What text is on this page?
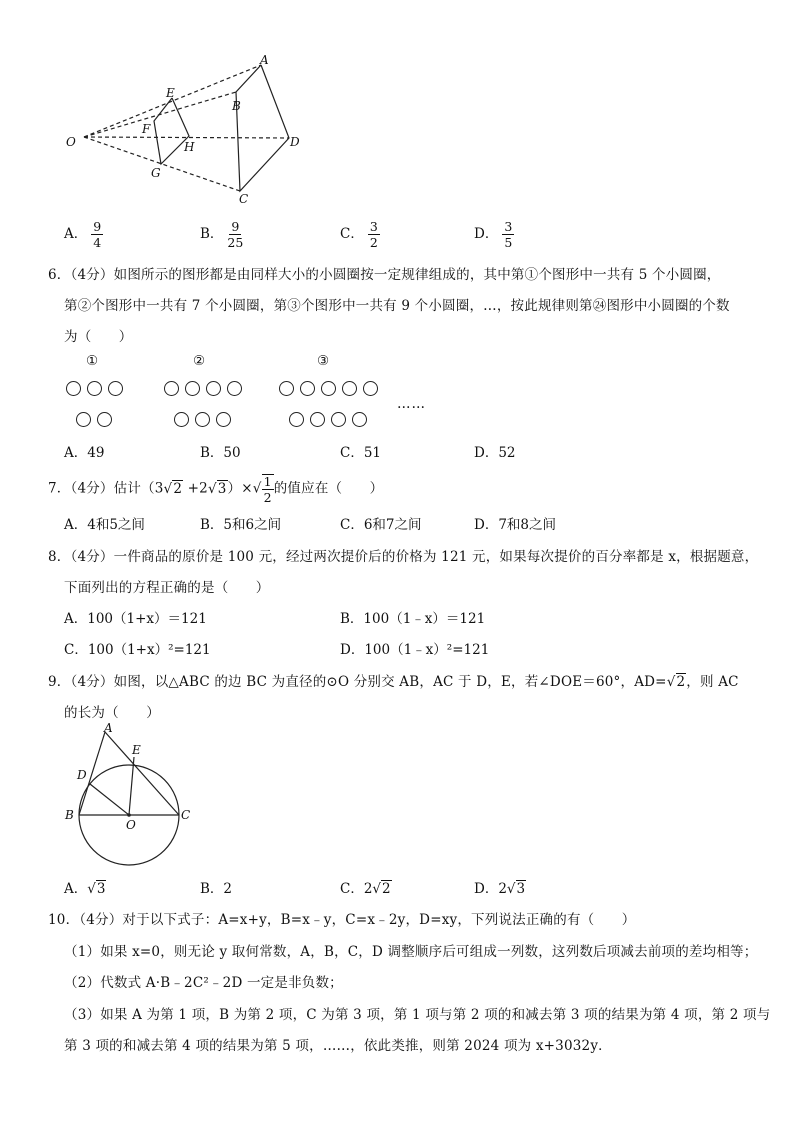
A
B
C
D
E
F
G
H
O
A． $\frac{9}{4}$	B． $\frac{9}{25}$	C． $\frac{3}{2}$	D． $\frac{3}{5}$
6．（4分）如图所示的图形都是由同样大小的小圆圈按一定规律组成的，其中第①个图形中一共有 5 个小圆圈，
第②个图形中一共有 7 个小圆圈，第③个图形中一共有 9 个小圆圈，…，按此规律则第㉔图形中小圆圈的个数
为（　　）
①	②	③
……
A．49	B．50	C．51	D．52
7．（4分）估计$(3√2 +2√3)\times√ \frac{1}{2}$ 的值应在（　　）
A．4和5之间	B．5和6之间	C．6和7之间	D．7和8之间
8．（4分）一件商品的原价是 100 元，经过两次提价后的价格为 121 元，如果每次提价的百分率都是 x，根据题意，
下面列出的方程正确的是（　　）
A．100（1+x）＝121	B．100（1﹣x）＝121
C．100（1+x）²=121	D．100（1﹣x）²=121
9．（4分）如图，以△ABC 的边 BC 为直径的⊙O 分别交 AB，AC 于 D，E，若∠DOE＝60°，AD=√2，则 AC
的长为（　　）
A
E
D
B
O
C
A．√3	B．2	C．2√2	D．2√3
10．（4分）对于以下式子：A=x+y，B=x﹣y，C=x﹣2y，D=xy，下列说法正确的有（　　）
（1）如果 x=0，则无论 y 取何常数，A，B，C，D 调整顺序后可组成一列数，这列数后项减去前项的差均相等；
（2）代数式 A·B﹣2C²﹣2D 一定是非负数；
（3）如果 A 为第 1 项，B 为第 2 项，C 为第 3 项，第 1 项与第 2 项的和减去第 3 项的结果为第 4 项，第 2 项与
第 3 项的和减去第 4 项的结果为第 5 项，……，依此类推，则第 2024 项为 x+3032y．
